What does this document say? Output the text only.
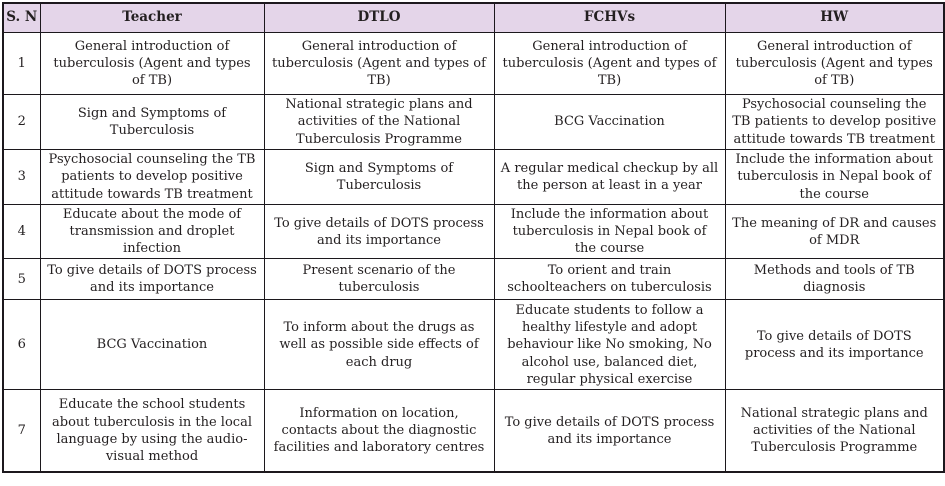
S. N	Teacher	DTLO	FCHVs	HW
1	General introduction of tuberculosis (Agent and types of TB)	General introduction of tuberculosis (Agent and types of TB)	General introduction of tuberculosis (Agent and types of TB)	General introduction of tuberculosis (Agent and types of TB)
2	Sign and Symptoms of Tuberculosis	National strategic plans and activities of the National Tuberculosis Programme	BCG Vaccination	Psychosocial counseling the TB patients to develop positive attitude towards TB treatment
3	Psychosocial counseling the TB patients to develop positive attitude towards TB treatment	Sign and Symptoms of Tuberculosis	A regular medical checkup by all the person at least in a year	Include the information about tuberculosis in Nepal book of the course
4	Educate about the mode of transmission and droplet infection	To give details of DOTS process and its importance	Include the information about tuberculosis in Nepal book of the course	The meaning of DR and causes of MDR
5	To give details of DOTS process and its importance	Present scenario of the tuberculosis	To orient and train schoolteachers on tuberculosis	Methods and tools of TB diagnosis
6	BCG Vaccination	To inform about the drugs as well as possible side effects of each drug	Educate students to follow a healthy lifestyle and adopt behaviour like No smoking, No alcohol use, balanced diet, regular physical exercise	To give details of DOTS process and its importance
7	Educate the school students about tuberculosis in the local language by using the audio-visual method	Information on location, contacts about the diagnostic facilities and laboratory centres	To give details of DOTS process and its importance	National strategic plans and activities of the National Tuberculosis Programme
